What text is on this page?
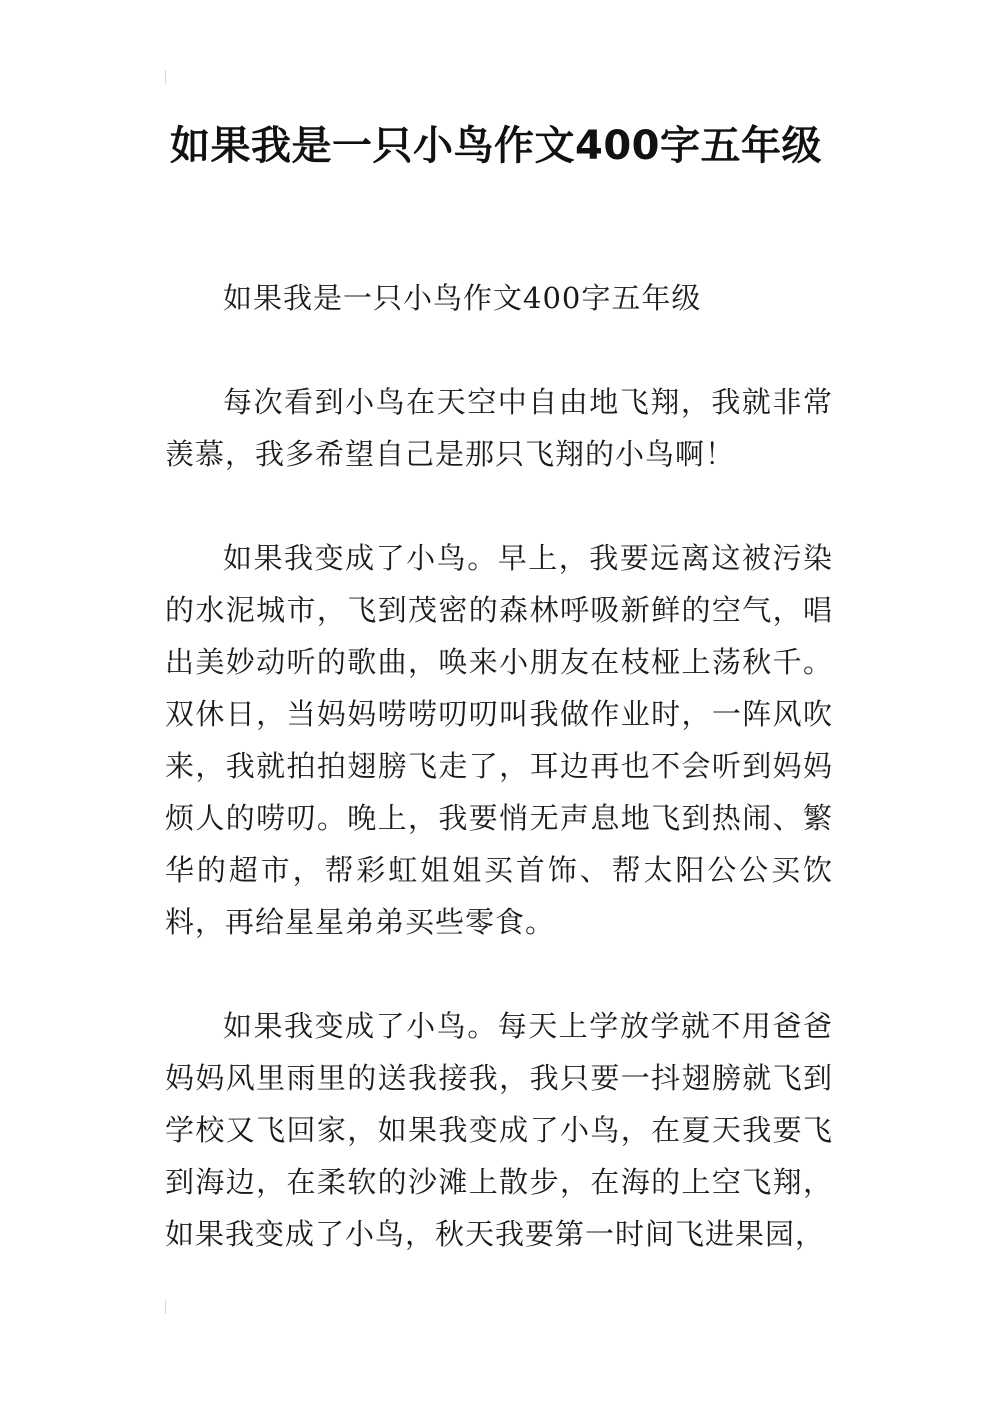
如果我是一只小鸟作文400字五年级

如果我是一只小鸟作文400字五年级

每次看到小鸟在天空中自由地飞翔，我就非常羡慕，我多希望自己是那只飞翔的小鸟啊！

如果我变成了小鸟。早上，我要远离这被污染的水泥城市，飞到茂密的森林呼吸新鲜的空气，唱出美妙动听的歌曲，唤来小朋友在枝桠上荡秋千。双休日，当妈妈唠唠叨叨叫我做作业时，一阵风吹来，我就拍拍翅膀飞走了，耳边再也不会听到妈妈烦人的唠叨。晚上，我要悄无声息地飞到热闹、繁华的超市，帮彩虹姐姐买首饰、帮太阳公公买饮料，再给星星弟弟买些零食。

如果我变成了小鸟。每天上学放学就不用爸爸妈妈风里雨里的送我接我，我只要一抖翅膀就飞到学校又飞回家，如果我变成了小鸟，在夏天我要飞到海边，在柔软的沙滩上散步，在海的上空飞翔，如果我变成了小鸟，秋天我要第一时间飞进果园，
